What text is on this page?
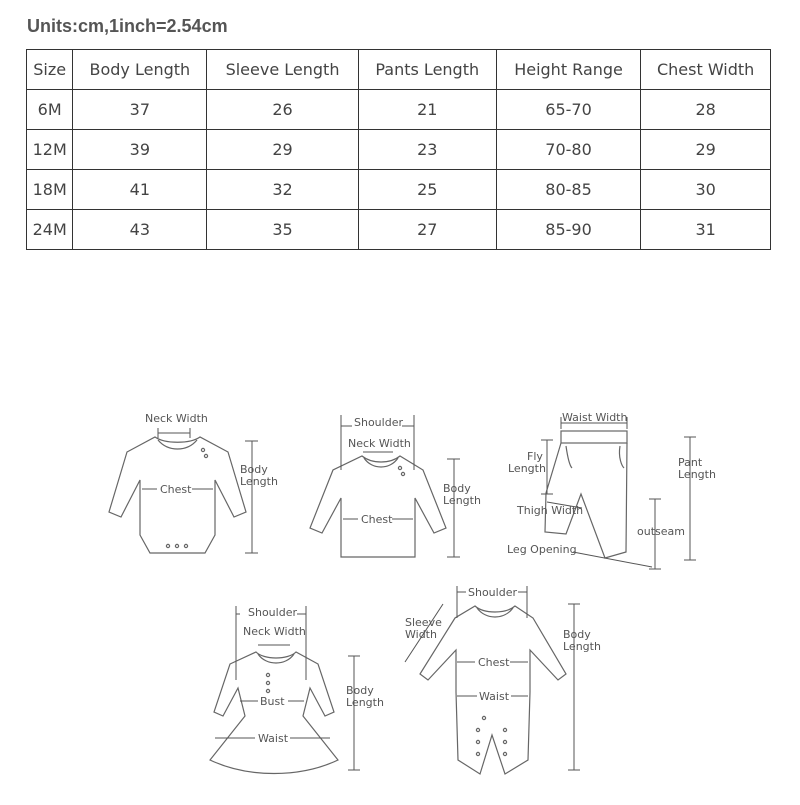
Units:cm,1inch=2.54cm
Size	Body Length	Sleeve Length	Pants Length	Height Range	Chest Width
6M	37	26	21	65-70	28
12M	39	29	23	70-80	29
18M	41	32	25	80-85	30
24M	43	35	27	85-90	31
Neck Width
Chest
Body
Length
Shoulder
Neck Width
Chest
Body
Length
Waist Width
Fly
Length	Pant
Length
Thigh Width
outseam
Leg Opening
Shoulder
Neck Width
Bust
Waist
Body
Length
Shoulder
Sleeve
Width
Chest
Waist
Body
Length
